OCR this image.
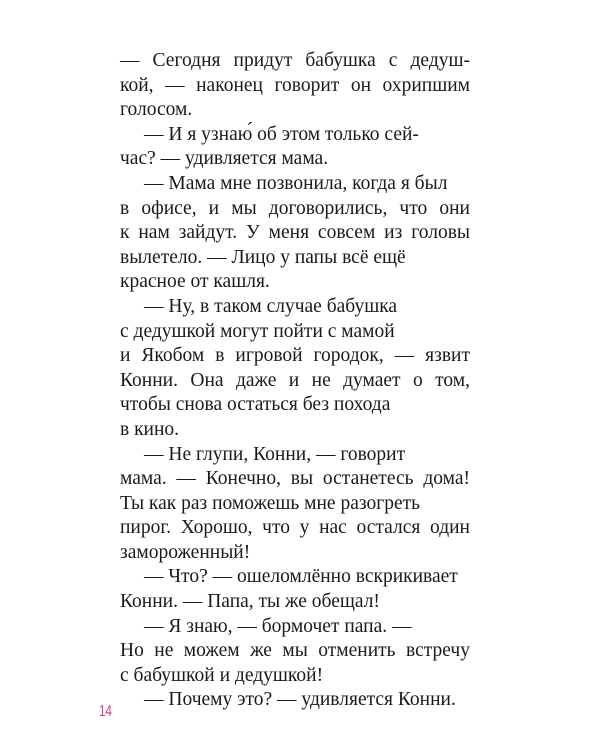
— Сегодня придут бабушка с дедуш-
кой, — наконец говорит он охрипшим
голосом.
— И я узнаю́ об этом только сей-
час? — удивляется мама.
— Мама мне позвонила, когда я был
в офисе, и мы договорились, что они
к нам зайдут. У меня совсем из головы
вылетело. — Лицо у папы всё ещё
красное от кашля.
— Ну, в таком случае бабушка
с дедушкой могут пойти с мамой
и Якобом в игровой городок, — язвит
Конни. Она даже и не думает о том,
чтобы снова остаться без похода
в кино.
— Не глупи, Конни, — говорит
мама. — Конечно, вы останетесь дома!
Ты как раз поможешь мне разогреть
пирог. Хорошо, что у нас остался один
замороженный!
— Что? — ошеломлённо вскрикивает
Конни. — Папа, ты же обещал!
— Я знаю, — бормочет папа. —
Но не можем же мы отменить встречу
с бабушкой и дедушкой!
— Почему это? — удивляется Конни.
14
